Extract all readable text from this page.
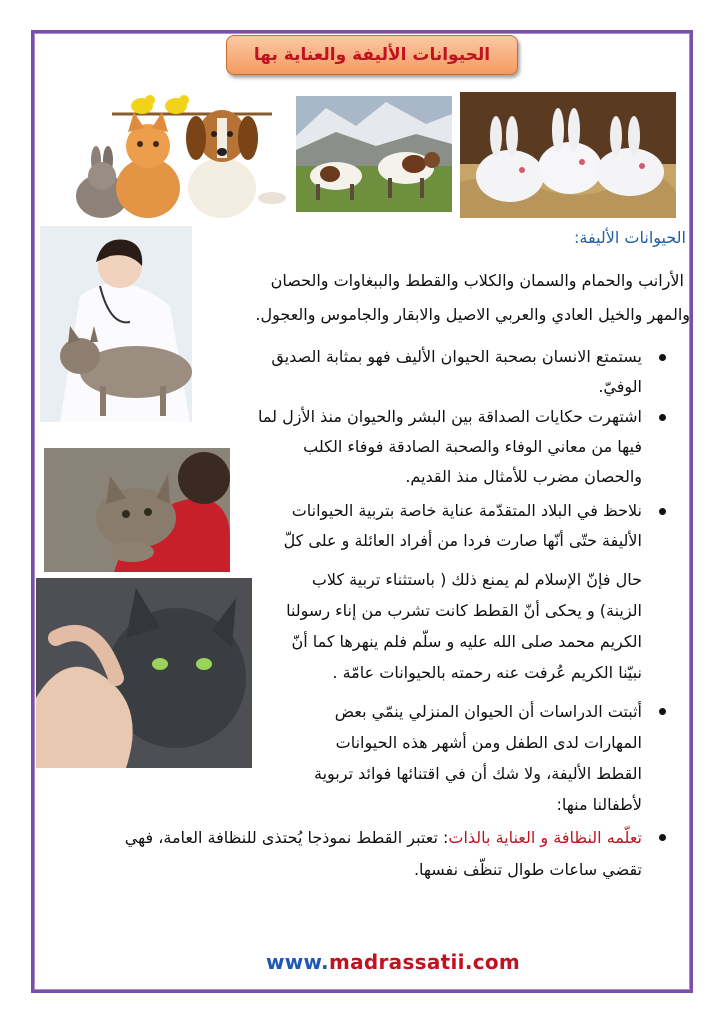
الحيوانات الأليفة والعناية بها
الحيوانات الأليفة:
الأرانب والحمام والسمان والكلاب والقطط والببغاوات والحصان
والمهر والخيل العادي والعربي الاصيل والابقار والجاموس والعجول.
يستمتع الانسان بصحبة الحيوان الأليف فهو بمثابة الصديق
الوفيّ.
اشتهرت حكايات الصداقة بين البشر والحيوان منذ الأزل لما
فيها من معاني الوفاء والصحبة الصادقة فوفاء الكلب
والحصان مضرب للأمثال منذ القديم.
نلاحظ في البلاد المتقدّمة عناية خاصة بتربية الحيوانات
الأليفة حتّى أنّها صارت فردا من أفراد العائلة و على كلّ
حال فإنّ الإسلام لم يمنع ذلك ( باستثناء تربية كلاب
الزينة) و يحكى أنّ القطط كانت تشرب من إناء رسولنا
الكريم محمد صلى الله عليه و سلّم فلم ينهرها كما أنّ
نبيّنا الكريم عُرفت عنه رحمته بالحيوانات عامّة .
أثبتت الدراسات أن الحيوان المنزلي ينمّي بعض
المهارات لدى الطفل ومن أشهر هذه الحيوانات
القطط الأليفة، ولا شك أن في اقتنائها فوائد تربوية
لأطفالنا منها:
تعلّمه النظافة و العناية بالذات: تعتبر القطط نموذجا يُحتذى للنظافة العامة، فهي
تقضي ساعات طوال تنظّف نفسها.
www.madrassatii.com
